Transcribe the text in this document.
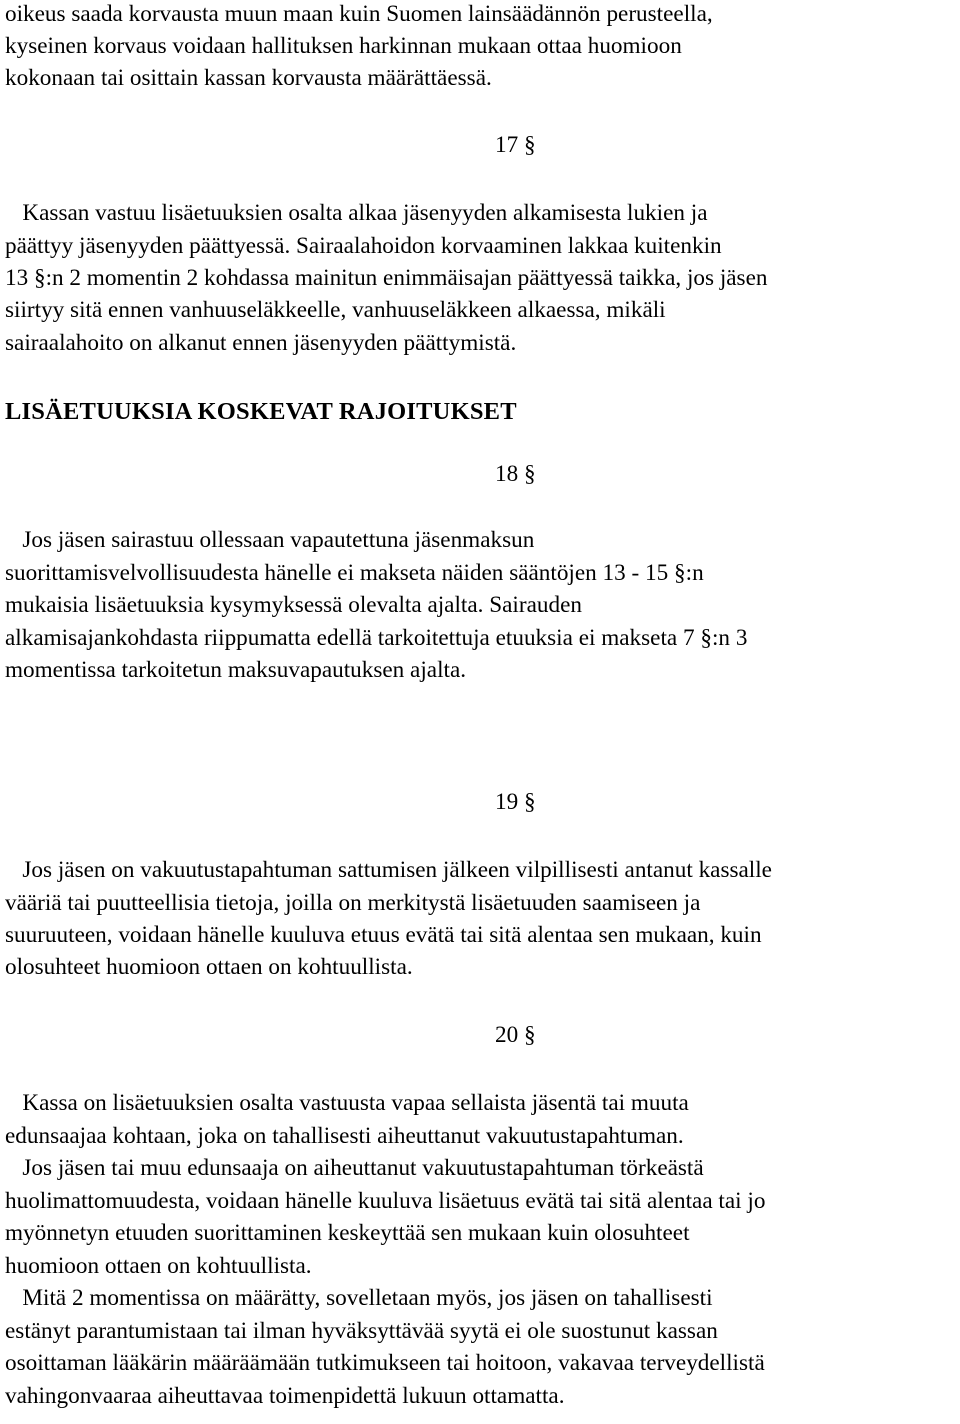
oikeus saada korvausta muun maan kuin Suomen lainsäädännön perusteella,
kyseinen korvaus voidaan hallituksen harkinnan mukaan ottaa huomioon
kokonaan tai osittain kassan korvausta määrättäessä.
17 §
Kassan vastuu lisäetuuksien osalta alkaa jäsenyyden alkamisesta lukien ja
päättyy jäsenyyden päättyessä. Sairaalahoidon korvaaminen lakkaa kuitenkin
13 §:n 2 momentin 2 kohdassa mainitun enimmäisajan päättyessä taikka, jos jäsen
siirtyy sitä ennen vanhuuseläkkeelle, vanhuuseläkkeen alkaessa, mikäli
sairaalahoito on alkanut ennen jäsenyyden päättymistä.
LISÄETUUKSIA KOSKEVAT RAJOITUKSET
18 §
Jos jäsen sairastuu ollessaan vapautettuna jäsenmaksun
suorittamisvelvollisuudesta hänelle ei makseta näiden sääntöjen 13 - 15 §:n
mukaisia lisäetuuksia kysymyksessä olevalta ajalta. Sairauden
alkamisajankohdasta riippumatta edellä tarkoitettuja etuuksia ei makseta 7 §:n 3
momentissa tarkoitetun maksuvapautuksen ajalta.
19 §
Jos jäsen on vakuutustapahtuman sattumisen jälkeen vilpillisesti antanut kassalle
vääriä tai puutteellisia tietoja, joilla on merkitystä lisäetuuden saamiseen ja
suuruuteen, voidaan hänelle kuuluva etuus evätä tai sitä alentaa sen mukaan, kuin
olosuhteet huomioon ottaen on kohtuullista.
20 §
Kassa on lisäetuuksien osalta vastuusta vapaa sellaista jäsentä tai muuta
edunsaajaa kohtaan, joka on tahallisesti aiheuttanut vakuutustapahtuman.
Jos jäsen tai muu edunsaaja on aiheuttanut vakuutustapahtuman törkeästä
huolimattomuudesta, voidaan hänelle kuuluva lisäetuus evätä tai sitä alentaa tai jo
myönnetyn etuuden suorittaminen keskeyttää sen mukaan kuin olosuhteet
huomioon ottaen on kohtuullista.
Mitä 2 momentissa on määrätty, sovelletaan myös, jos jäsen on tahallisesti
estänyt parantumistaan tai ilman hyväksyttävää syytä ei ole suostunut kassan
osoittaman lääkärin määräämään tutkimukseen tai hoitoon, vakavaa terveydellistä
vahingonvaaraa aiheuttavaa toimenpidettä lukuun ottamatta.
